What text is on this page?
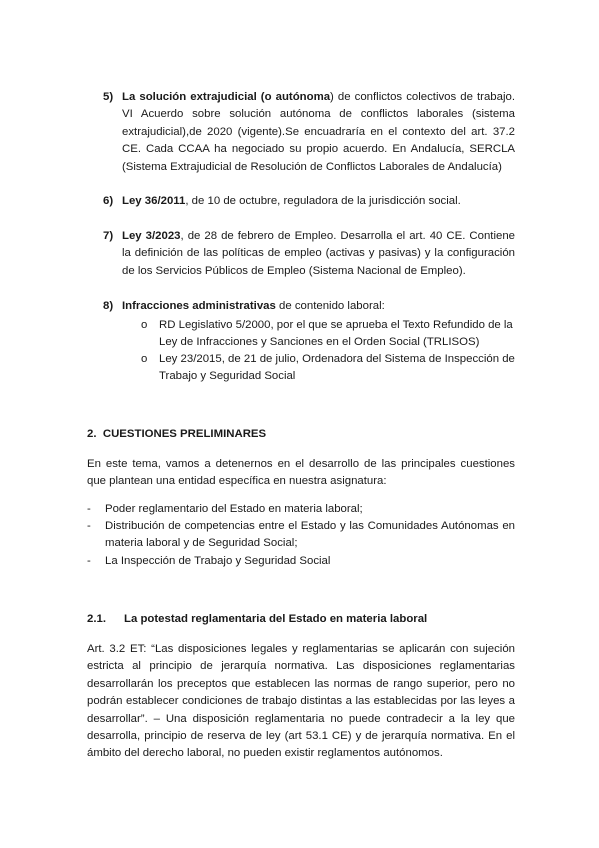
5) La solución extrajudicial (o autónoma) de conflictos colectivos de trabajo. VI Acuerdo sobre solución autónoma de conflictos laborales (sistema extrajudicial),de 2020 (vigente).Se encuadraría en el contexto del art. 37.2 CE. Cada CCAA ha negociado su propio acuerdo. En Andalucía, SERCLA (Sistema Extrajudicial de Resolución de Conflictos Laborales de Andalucía)
6) Ley 36/2011, de 10 de octubre, reguladora de la jurisdicción social.
7) Ley 3/2023, de 28 de febrero de Empleo. Desarrolla el art. 40 CE. Contiene la definición de las políticas de empleo (activas y pasivas) y la configuración de los Servicios Públicos de Empleo (Sistema Nacional de Empleo).
8) Infracciones administrativas de contenido laboral:
o RD Legislativo 5/2000, por el que se aprueba el Texto Refundido de la Ley de Infracciones y Sanciones en el Orden Social (TRLISOS)
o Ley 23/2015, de 21 de julio, Ordenadora del Sistema de Inspección de Trabajo y Seguridad Social
2. CUESTIONES PRELIMINARES
En este tema, vamos a detenernos en el desarrollo de las principales cuestiones que plantean una entidad específica en nuestra asignatura:
- Poder reglamentario del Estado en materia laboral;
- Distribución de competencias entre el Estado y las Comunidades Autónomas en materia laboral y de Seguridad Social;
- La Inspección de Trabajo y Seguridad Social
2.1. La potestad reglamentaria del Estado en materia laboral
Art. 3.2 ET: “Las disposiciones legales y reglamentarias se aplicarán con sujeción estricta al principio de jerarquía normativa. Las disposiciones reglamentarias desarrollarán los preceptos que establecen las normas de rango superior, pero no podrán establecer condiciones de trabajo distintas a las establecidas por las leyes a desarrollar”. – Una disposición reglamentaria no puede contradecir a la ley que desarrolla, principio de reserva de ley (art 53.1 CE) y de jerarquía normativa. En el ámbito del derecho laboral, no pueden existir reglamentos autónomos.
